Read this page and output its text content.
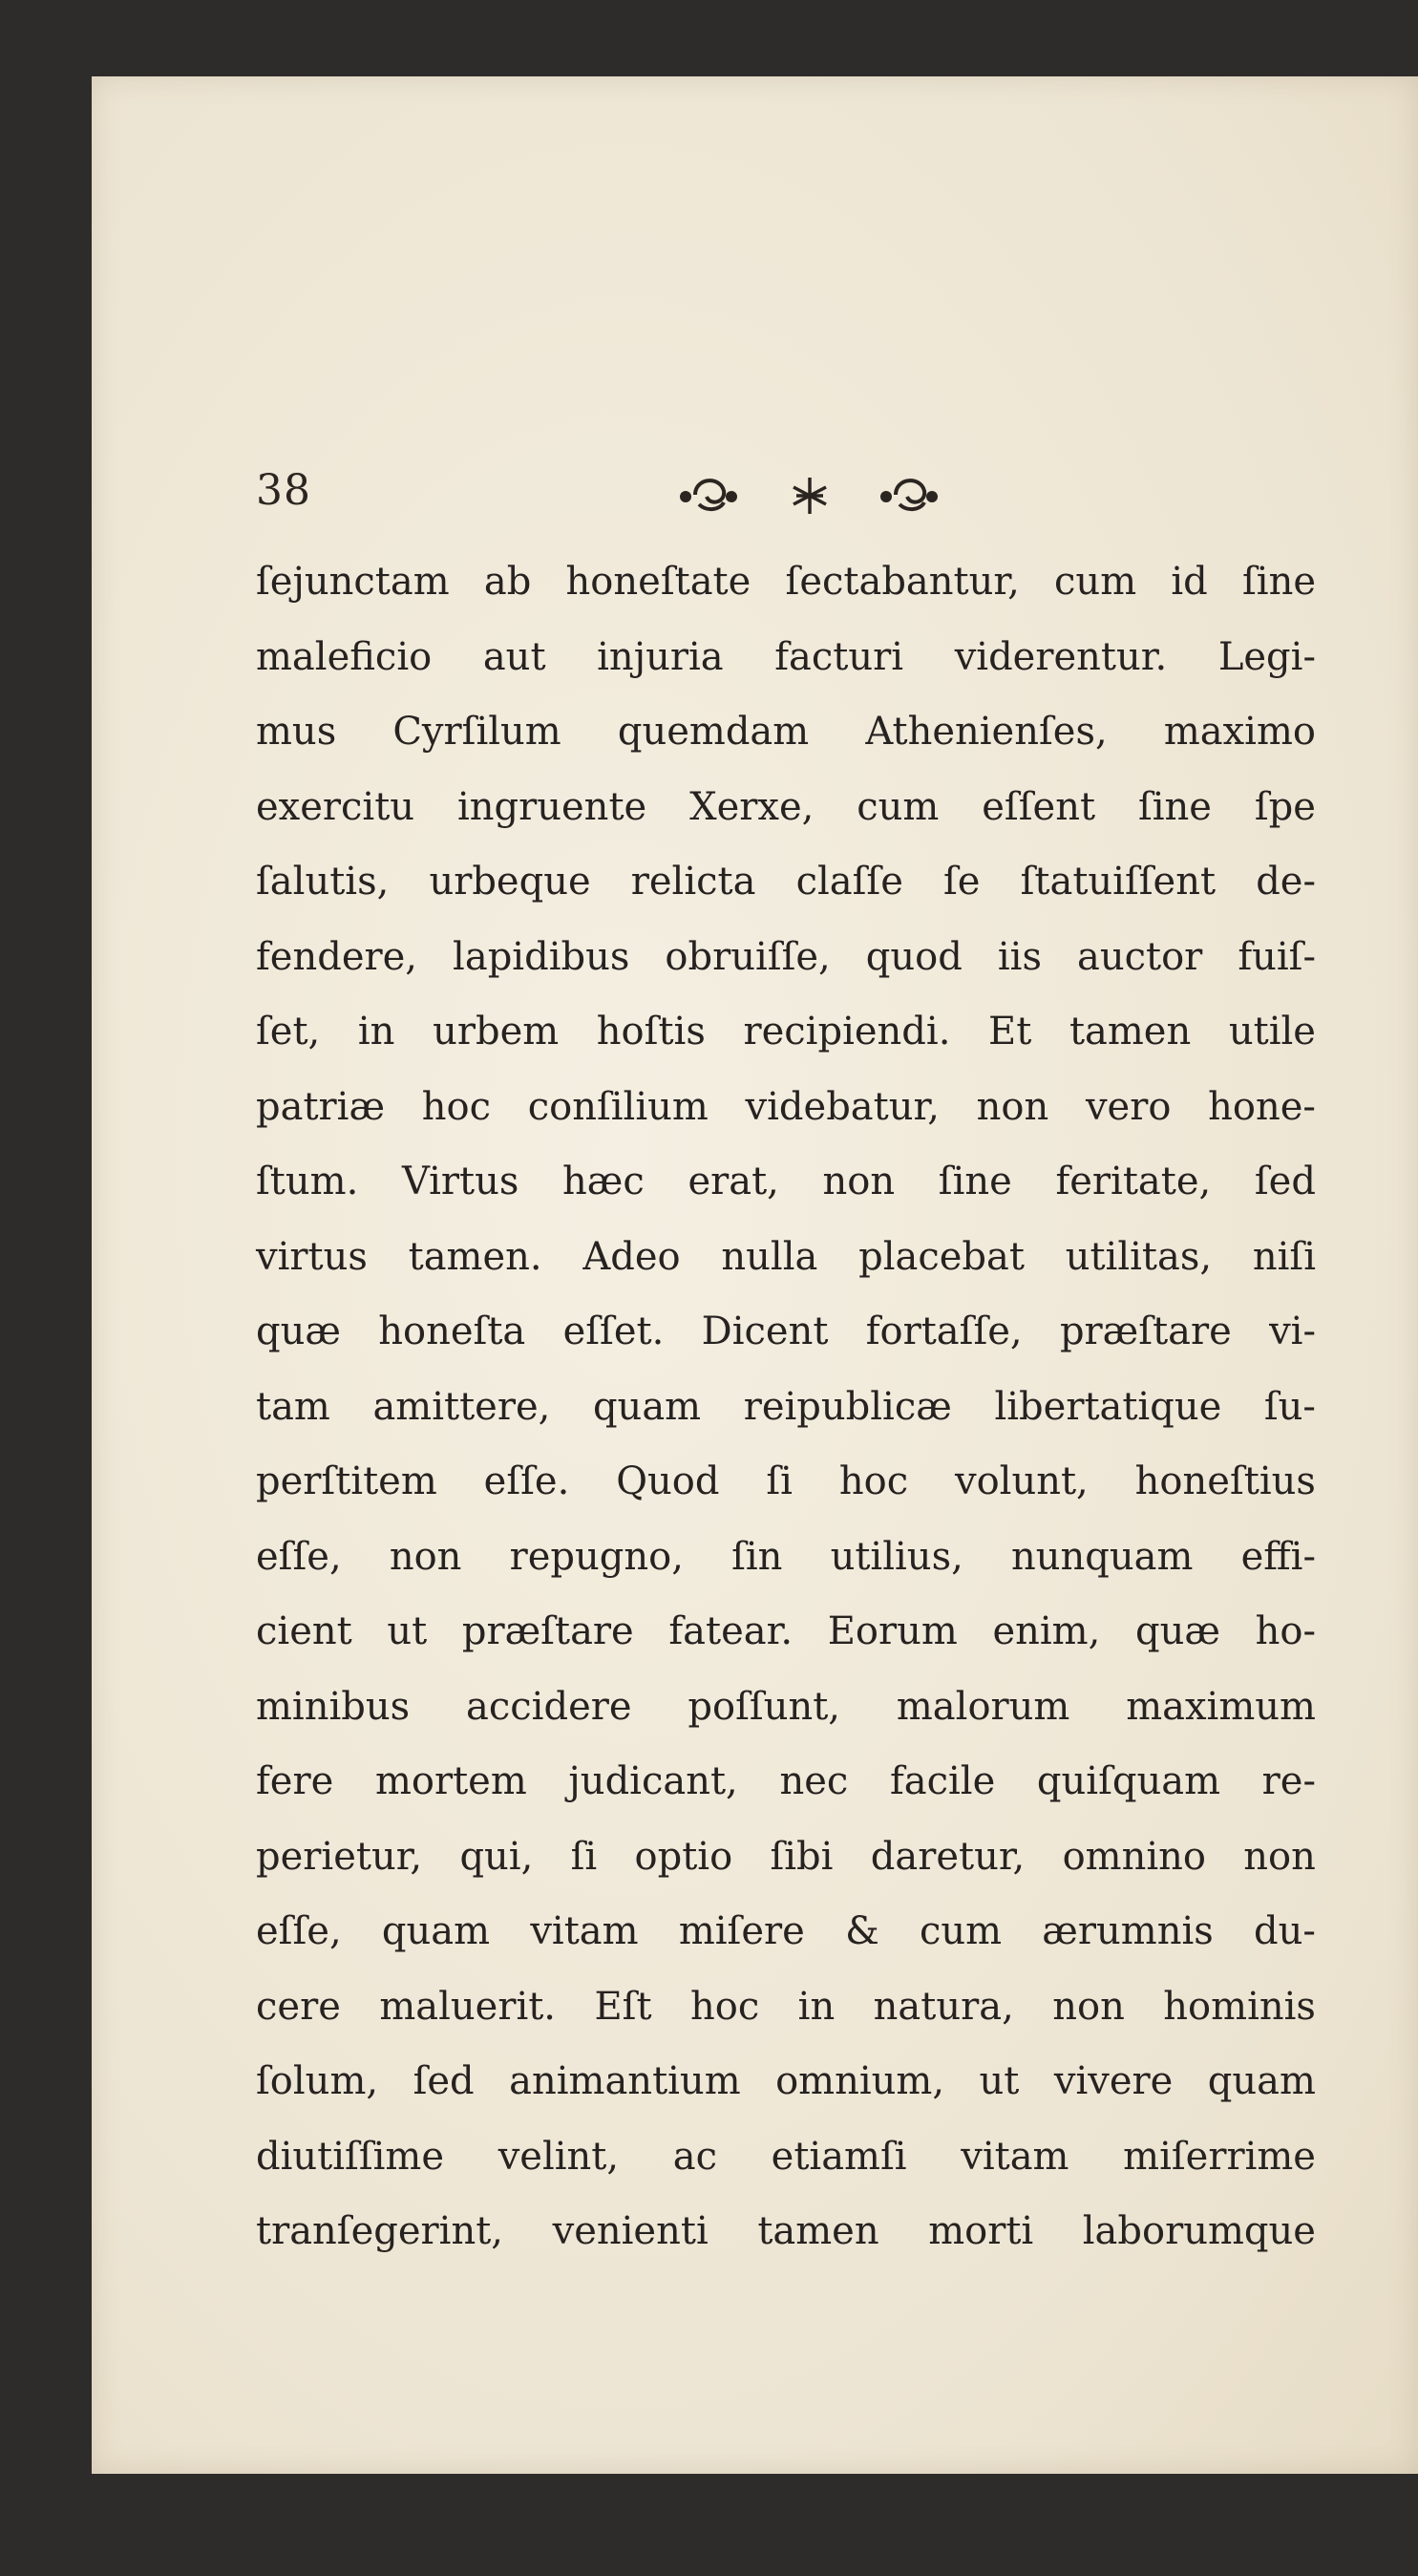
38
ſejunctam ab honeſtate ſectabantur, cum id ſine
maleficio aut injuria facturi viderentur. Legi-
mus Cyrſilum quemdam Athenienſes, maximo
exercitu ingruente Xerxe, cum eſſent ſine ſpe
ſalutis, urbeque relicta claſſe ſe ſtatuiſſent de-
fendere, lapidibus obruiſſe, quod iis auctor fuiſ-
ſet, in urbem hoſtis recipiendi. Et tamen utile
patriæ hoc conſilium videbatur, non vero hone-
ſtum. Virtus hæc erat, non ſine feritate, ſed
virtus tamen. Adeo nulla placebat utilitas, niſi
quæ honeſta eſſet. Dicent fortaſſe, præſtare vi-
tam amittere, quam reipublicæ libertatique ſu-
perſtitem eſſe. Quod ſi hoc volunt, honeſtius
eſſe, non repugno, ſin utilius, nunquam effi-
cient ut præſtare fatear. Eorum enim, quæ ho-
minibus accidere poſſunt, malorum maximum
fere mortem judicant, nec facile quiſquam re-
perietur, qui, ſi optio ſibi daretur, omnino non
eſſe, quam vitam miſere & cum ærumnis du-
cere maluerit. Eſt hoc in natura, non hominis
ſolum, ſed animantium omnium, ut vivere quam
diutiſſime velint, ac etiamſi vitam miſerrime
tranſegerint, venienti tamen morti laborumque
